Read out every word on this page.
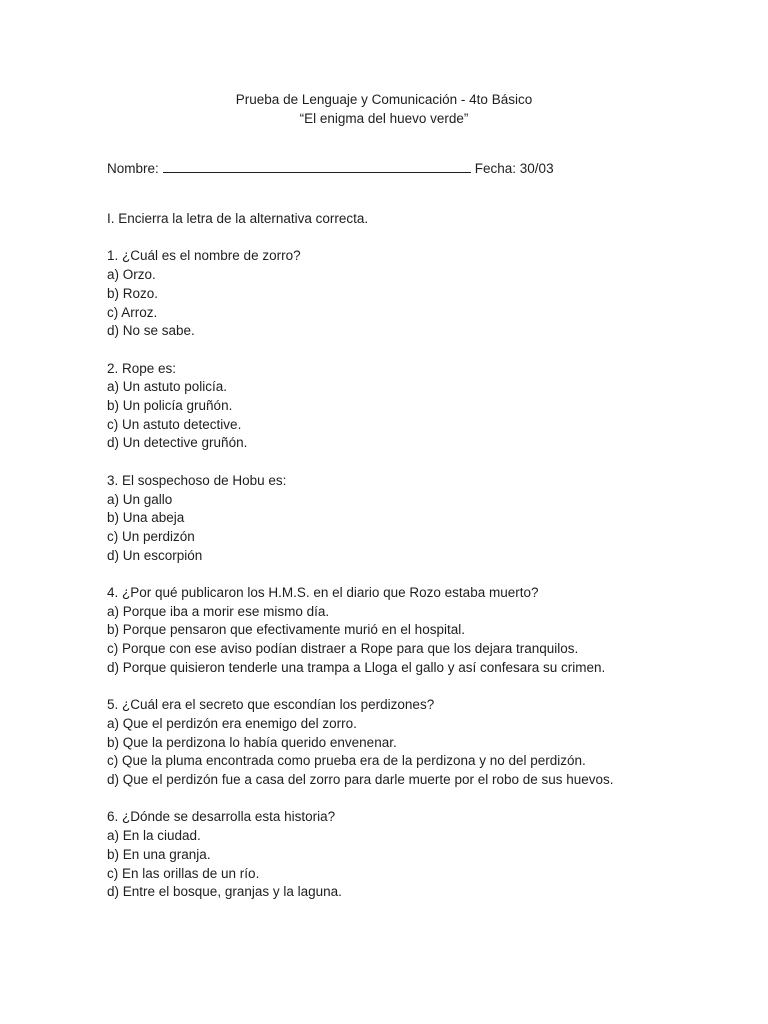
Prueba de Lenguaje y Comunicación - 4to Básico
“El enigma del huevo verde”
Nombre:	Fecha: 30/03
I. Encierra la letra de la alternativa correcta.
1. ¿Cuál es el nombre de zorro?
a) Orzo.
b) Rozo.
c) Arroz.
d) No se sabe.
2. Rope es:
a) Un astuto policía.
b) Un policía gruñón.
c) Un astuto detective.
d) Un detective gruñón.
3. El sospechoso de Hobu es:
a) Un gallo
b) Una abeja
c) Un perdizón
d) Un escorpión
4. ¿Por qué publicaron los H.M.S. en el diario que Rozo estaba muerto?
a) Porque iba a morir ese mismo día.
b) Porque pensaron que efectivamente murió en el hospital.
c) Porque con ese aviso podían distraer a Rope para que los dejara tranquilos.
d) Porque quisieron tenderle una trampa a Lloga el gallo y así confesara su crimen.
5. ¿Cuál era el secreto que escondían los perdizones?
a) Que el perdizón era enemigo del zorro.
b) Que la perdizona lo había querido envenenar.
c) Que la pluma encontrada como prueba era de la perdizona y no del perdizón.
d) Que el perdizón fue a casa del zorro para darle muerte por el robo de sus huevos.
6. ¿Dónde se desarrolla esta historia?
a) En la ciudad.
b) En una granja.
c) En las orillas de un río.
d) Entre el bosque, granjas y la laguna.
